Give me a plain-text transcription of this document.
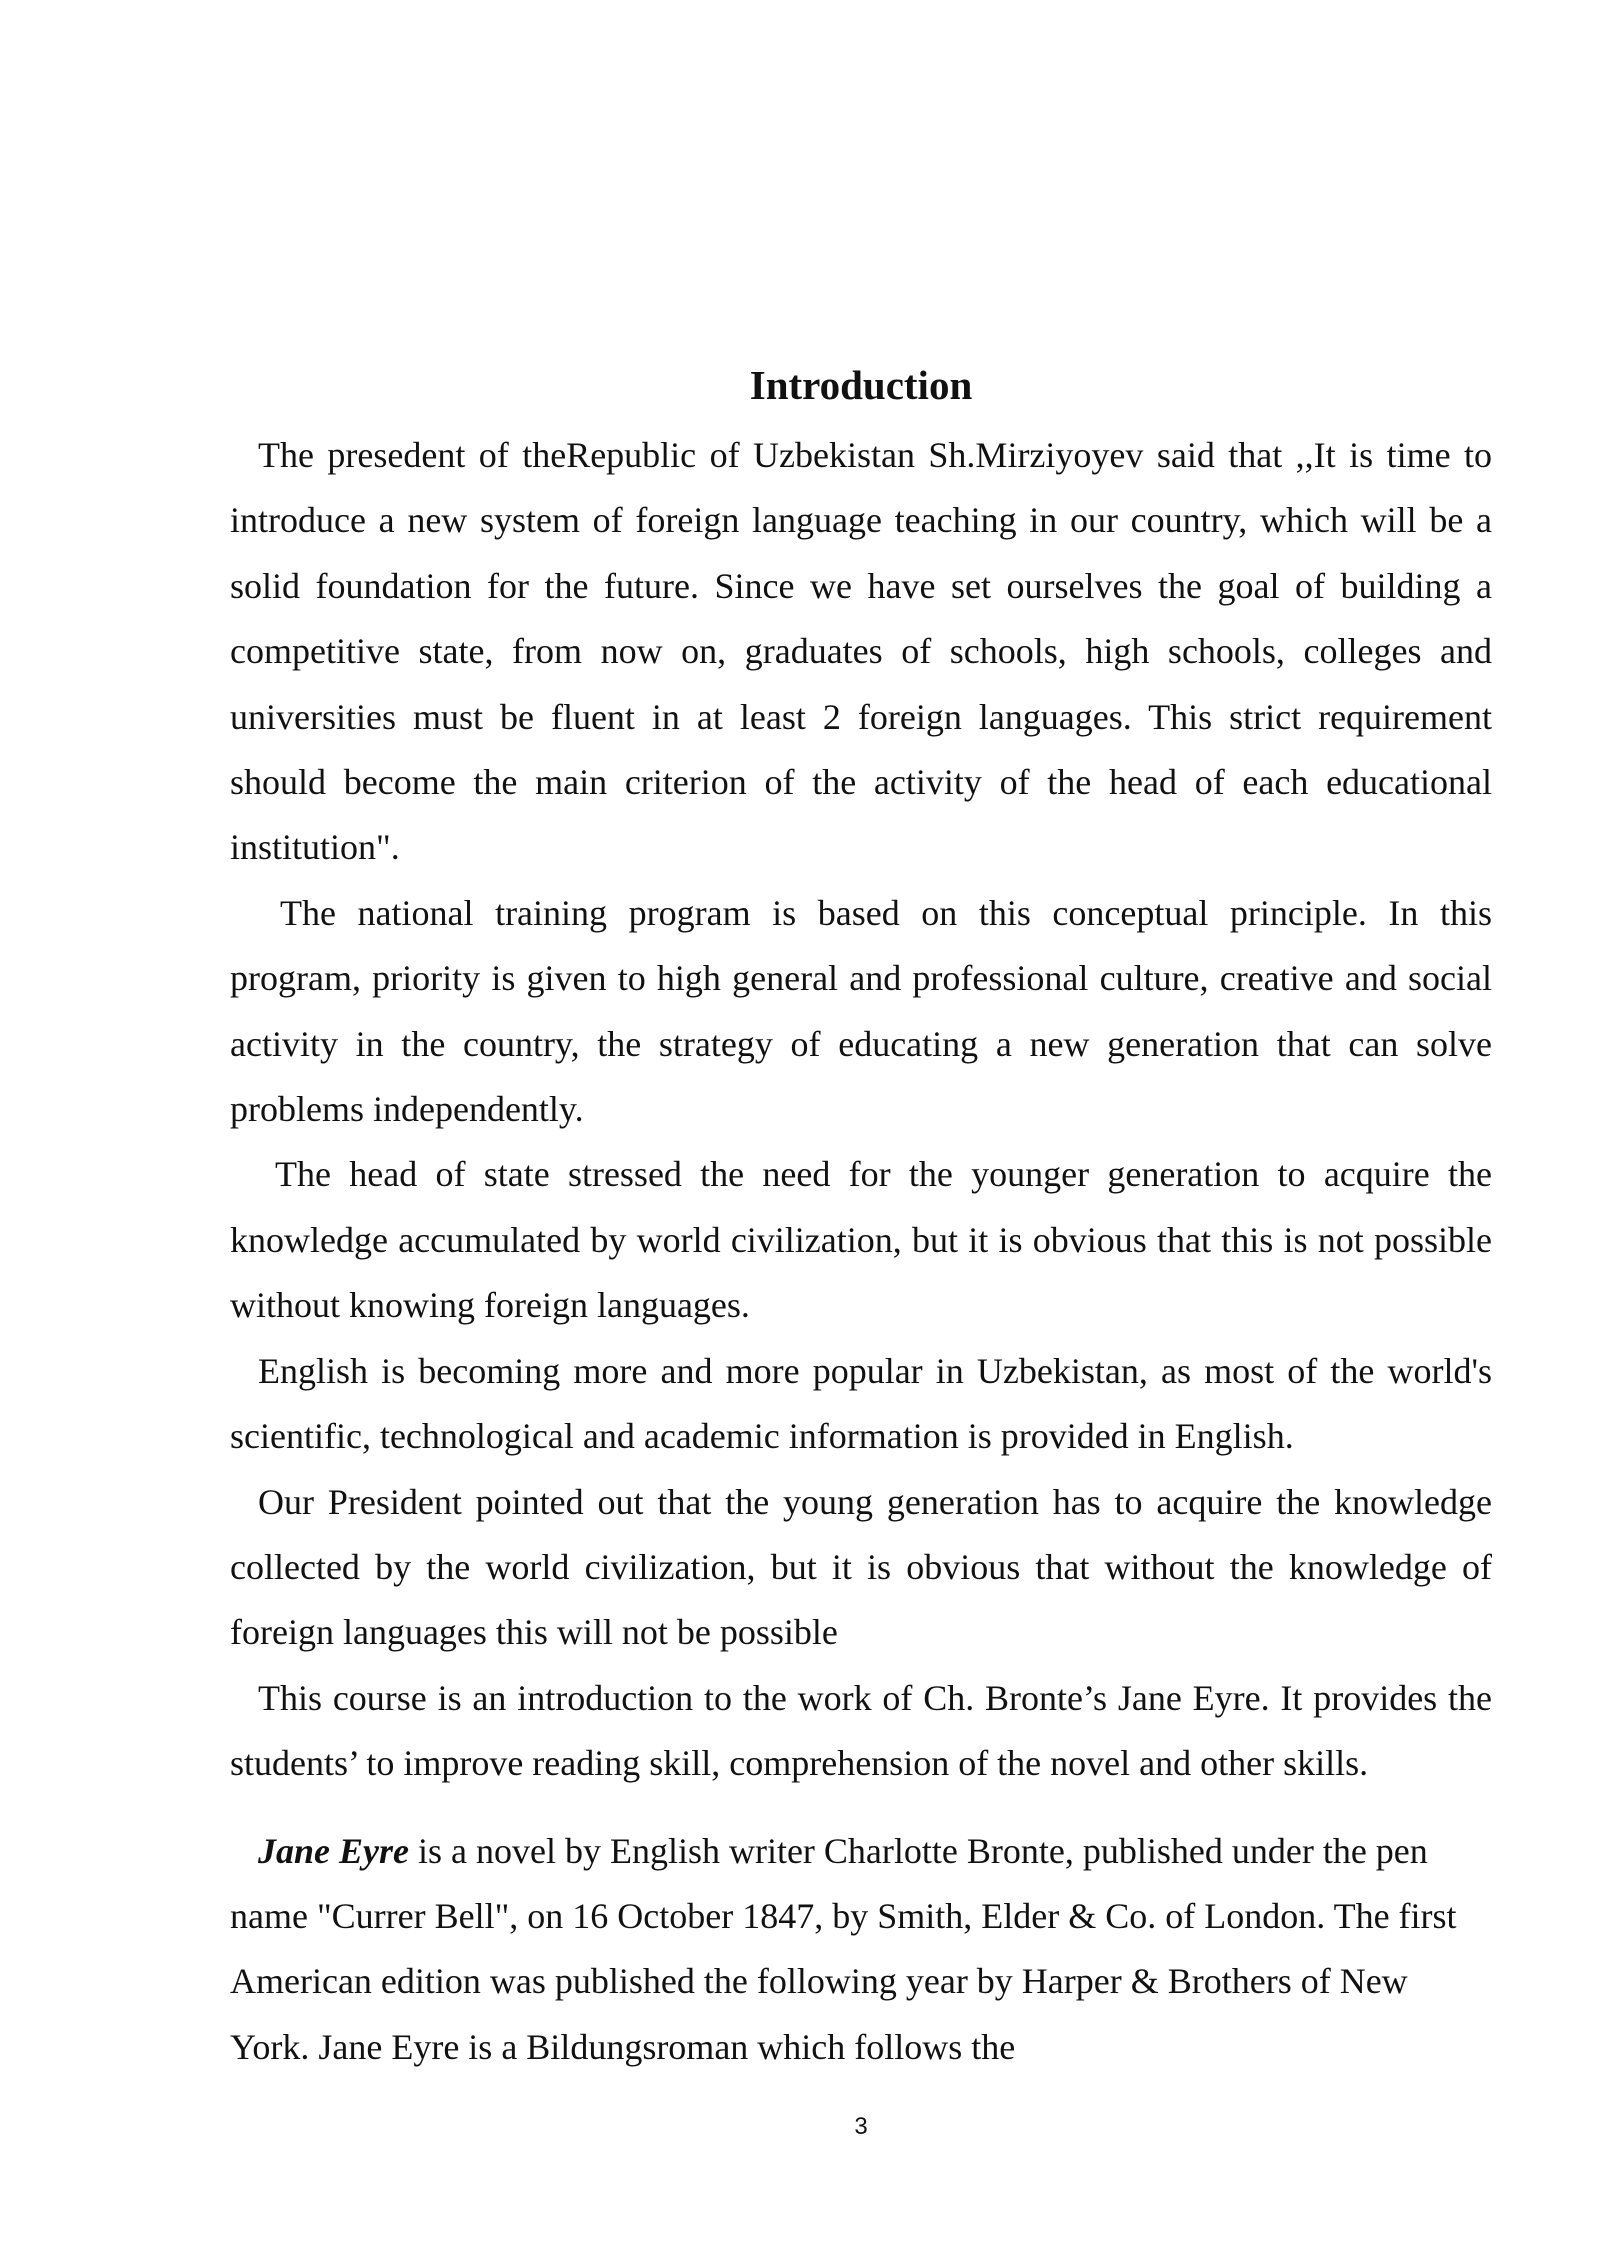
Introduction

The presedent of theRepublic of Uzbekistan Sh.Mirziyoyev said that ,,It is time to introduce a new system of foreign language teaching in our country, which will be a solid foundation for the future. Since we have set ourselves the goal of building a competitive state, from now on, graduates of schools, high schools, colleges and universities must be fluent in at least 2 foreign languages. This strict requirement should become the main criterion of the activity of the head of each educational institution".

The national training program is based on this conceptual principle. In this program, priority is given to high general and professional culture, creative and social activity in the country, the strategy of educating a new generation that can solve problems independently.

The head of state stressed the need for the younger generation to acquire the knowledge accumulated by world civilization, but it is obvious that this is not possible without knowing foreign languages.

English is becoming more and more popular in Uzbekistan, as most of the world's scientific, technological and academic information is provided in English.

Our President pointed out that the young generation has to acquire the knowledge collected by the world civilization, but it is obvious that without the knowledge of foreign languages this will not be possible

This course is an introduction to the work of Ch. Bronte’s Jane Eyre. It provides the students’ to improve reading skill, comprehension of the novel and other skills.

Jane Eyre is a novel by English writer Charlotte Bronte, published under the pen name "Currer Bell", on 16 October 1847, by Smith, Elder & Co. of London. The first American edition was published the following year by Harper & Brothers of New York. Jane Eyre is a Bildungsroman which follows the

3
